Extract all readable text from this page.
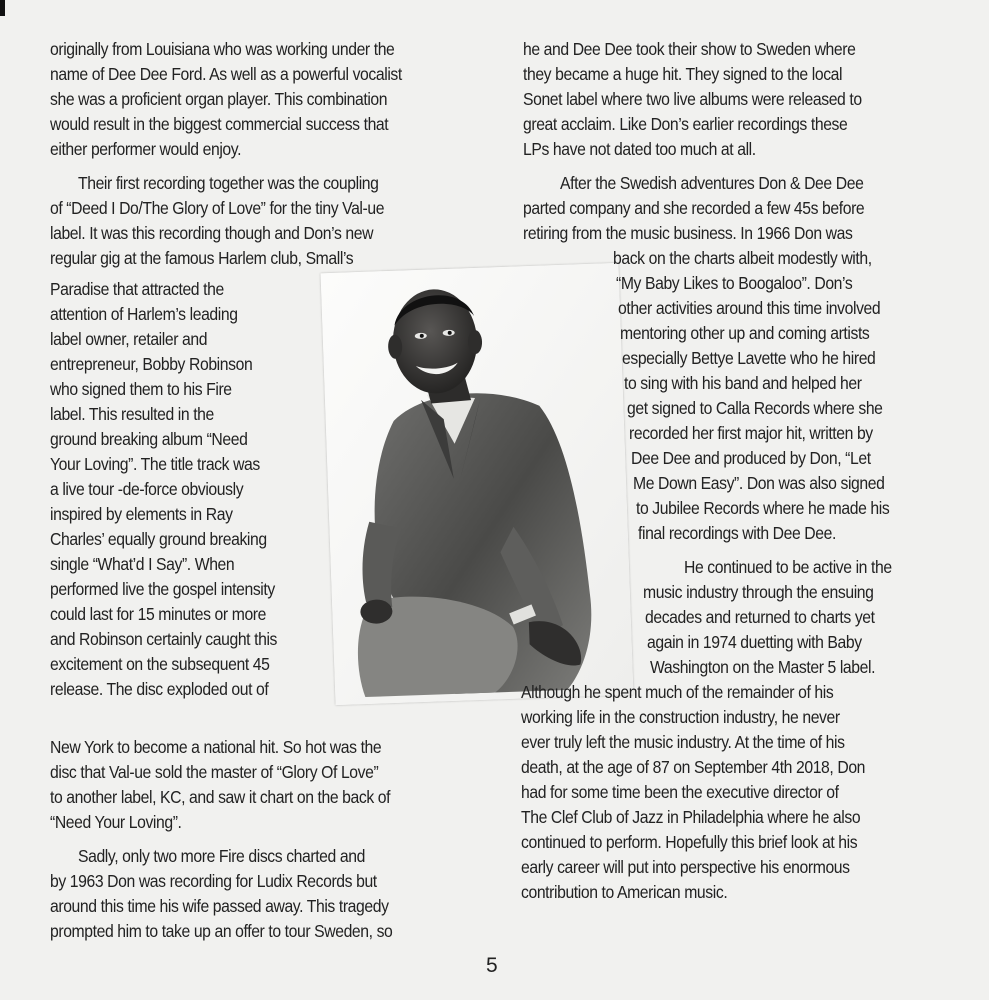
originally from Louisiana who was working under the

name of Dee Dee Ford. As well as a powerful vocalist

she was a proficient organ player. This combination

would result in the biggest commercial success that

either performer would enjoy.

Their first recording together was the coupling

of “Deed I Do/The Glory of Love” for the tiny Val-ue

label. It was this recording though and Don’s new

regular gig at the famous Harlem club, Small’s

Paradise that attracted the

attention of Harlem’s leading

label owner, retailer and

entrepreneur, Bobby Robinson

who signed them to his Fire

label. This resulted in the

ground breaking album “Need

Your Loving”. The title track was

a live tour -de-force obviously

inspired by elements in Ray

Charles’ equally ground breaking

single “What’d I Say”. When

performed live the gospel intensity

could last for 15 minutes or more

and Robinson certainly caught this

excitement on the subsequent 45

release. The disc exploded out of

New York to become a national hit. So hot was the

disc that Val-ue sold the master of “Glory Of Love”

to another label, KC, and saw it chart on the back of

“Need Your Loving”.

Sadly, only two more Fire discs charted and

by 1963 Don was recording for Ludix Records but

around this time his wife passed away. This tragedy

prompted him to take up an offer to tour Sweden, so

he and Dee Dee took their show to Sweden where

they became a huge hit. They signed to the local

Sonet label where two live albums were released to

great acclaim. Like Don’s earlier recordings these

LPs have not dated too much at all.

After the Swedish adventures Don & Dee Dee

parted company and she recorded a few 45s before

retiring from the music business. In 1966 Don was

back on the charts albeit modestly with,

“My Baby Likes to Boogaloo”. Don’s

other activities around this time involved

mentoring other up and coming artists

especially Bettye Lavette who he hired

to sing with his band and helped her

get signed to Calla Records where she

recorded her first major hit, written by

Dee Dee and produced by Don, “Let

Me Down Easy”. Don was also signed

to Jubilee Records where he made his

final recordings with Dee Dee.

He continued to be active in the

music industry through the ensuing

decades and returned to charts yet

again in 1974 duetting with Baby

Washington on the Master 5 label.

Although he spent much of the remainder of his

working life in the construction industry, he never

ever truly left the music industry. At the time of his

death, at the age of 87 on September 4th 2018, Don

had for some time been the executive director of

The Clef Club of Jazz in Philadelphia where he also

continued to perform. Hopefully this brief look at his

early career will put into perspective his enormous

contribution to American music.

5
